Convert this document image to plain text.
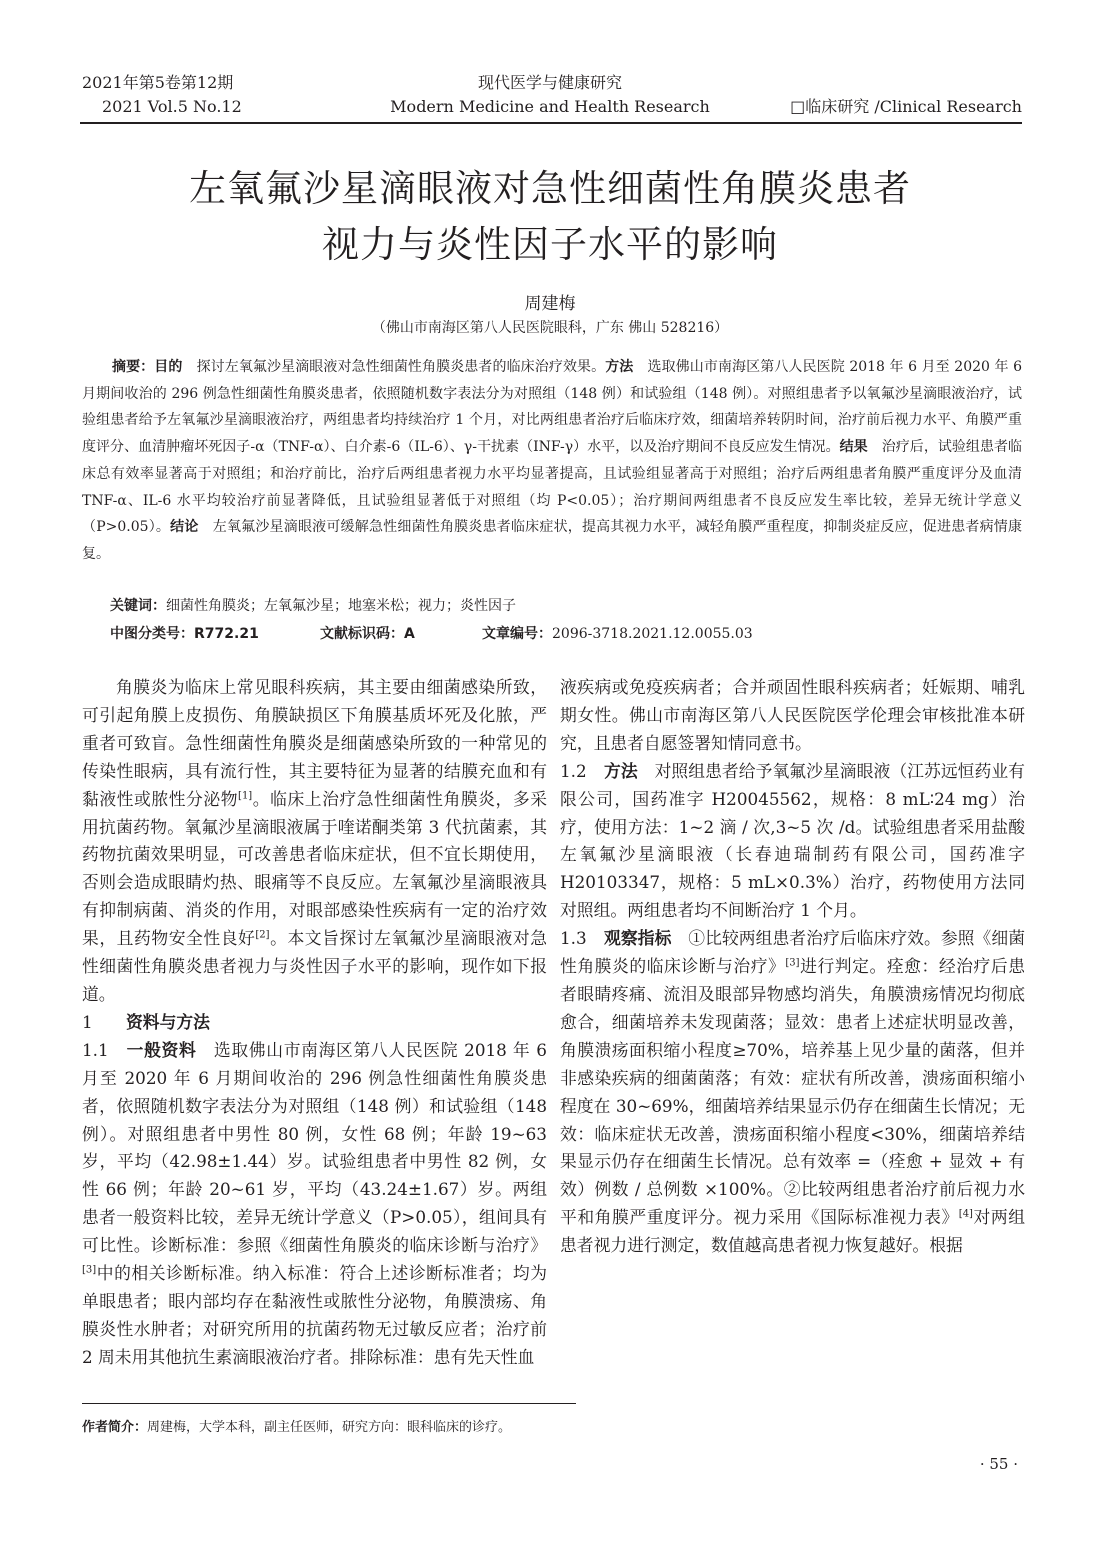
2021年第5卷第12期
2021 Vol.5 No.12
现代医学与健康研究
Modern Medicine and Health Research	□临床研究 /Clinical Research
左氧氟沙星滴眼液对急性细菌性角膜炎患者
视力与炎性因子水平的影响
周建梅
（佛山市南海区第八人民医院眼科，广东 佛山 528216）

摘要：目的　 探讨左氧氟沙星滴眼液对急性细菌性角膜炎患者的临床治疗效果。方法　 选取佛山市南海区第八人民医院 2018 年 6 月至 2020 年 6 月期间收治的 296 例急性细菌性角膜炎患者，依照随机数字表法分为对照组（148 例）和试验组（148 例）。对照组患者予以氧氟沙星滴眼液治疗，试验组患者给予左氧氟沙星滴眼液治疗，两组患者均持续治疗 1 个月，对比两组患者治疗后临床疗效，细菌培养转阴时间，治疗前后视力水平、角膜严重度评分、血清肿瘤坏死因子-α（TNF-α）、白介素-6（IL-6）、γ-干扰素（INF-γ）水平，以及治疗期间不良反应发生情况。结果　 治疗后，试验组患者临床总有效率显著高于对照组；和治疗前比，治疗后两组患者视力水平均显著提高，且试验组显著高于对照组；治疗后两组患者角膜严重度评分及血清 TNF-α、IL-6 水平均较治疗前显著降低，且试验组显著低于对照组（均 P<0.05）；治疗期间两组患者不良反应发生率比较，差异无统计学意义（P>0.05）。结论　 左氧氟沙星滴眼液可缓解急性细菌性角膜炎患者临床症状，提高其视力水平，减轻角膜严重程度，抑制炎症反应，促进患者病情康复。

关键词：细菌性角膜炎；左氧氟沙星；地塞米松；视力；炎性因子
中图分类号：R772.21	文献标识码：A	文章编号：2096-3718.2021.12.0055.03

角膜炎为临床上常见眼科疾病，其主要由细菌感染所致，可引起角膜上皮损伤、角膜缺损区下角膜基质坏死及化脓，严重者可致盲。急性细菌性角膜炎是细菌感染所致的一种常见的传染性眼病，具有流行性，其主要特征为显著的结膜充血和有黏液性或脓性分泌物[1]。临床上治疗急性细菌性角膜炎，多采用抗菌药物。氧氟沙星滴眼液属于喹诺酮类第 3 代抗菌素，其药物抗菌效果明显，可改善患者临床症状，但不宜长期使用，否则会造成眼睛灼热、眼痛等不良反应。左氧氟沙星滴眼液具有抑制病菌、消炎的作用，对眼部感染性疾病有一定的治疗效果，且药物安全性良好[2]。本文旨探讨左氧氟沙星滴眼液对急性细菌性角膜炎患者视力与炎性因子水平的影响，现作如下报道。

1 资料与方法

1.1 一般资料　 选取佛山市南海区第八人民医院 2018 年 6 月至 2020 年 6 月期间收治的 296 例急性细菌性角膜炎患者，依照随机数字表法分为对照组（148 例）和试验组（148 例）。对照组患者中男性 80 例，女性 68 例；年龄 19~63 岁，平均（42.98±1.44）岁。试验组患者中男性 82 例，女性 66 例；年龄 20~61 岁，平均（43.24±1.67）岁。两组患者一般资料比较，差异无统计学意义（P>0.05），组间具有可比性。诊断标准：参照《细菌性角膜炎的临床诊断与治疗》[3]中的相关诊断标准。纳入标准：符合上述诊断标准者；均为单眼患者；眼内部均存在黏液性或脓性分泌物，角膜溃疡、角膜炎性水肿者；对研究所用的抗菌药物无过敏反应者；治疗前 2 周未用其他抗生素滴眼液治疗者。排除标准：患有先天性血

液疾病或免疫疾病者；合并顽固性眼科疾病者；妊娠期、哺乳期女性。佛山市南海区第八人民医院医学伦理会审核批准本研究，且患者自愿签署知情同意书。

1.2 方法　 对照组患者给予氧氟沙星滴眼液（江苏远恒药业有限公司，国药准字 H20045562，规格：8 mL∶24 mg）治疗，使用方法：1~2 滴 / 次,3~5 次 /d。试验组患者采用盐酸左氧氟沙星滴眼液（长春迪瑞制药有限公司，国药准字 H20103347，规格：5 mL×0.3%）治疗，药物使用方法同对照组。两组患者均不间断治疗 1 个月。

1.3 观察指标　 ①比较两组患者治疗后临床疗效。参照《细菌性角膜炎的临床诊断与治疗》[3]进行判定。痊愈：经治疗后患者眼睛疼痛、流泪及眼部异物感均消失，角膜溃疡情况均彻底愈合，细菌培养未发现菌落；显效：患者上述症状明显改善，角膜溃疡面积缩小程度≥70%，培养基上见少量的菌落，但并非感染疾病的细菌菌落；有效：症状有所改善，溃疡面积缩小程度在 30~69%，细菌培养结果显示仍存在细菌生长情况；无效：临床症状无改善，溃疡面积缩小程度<30%，细菌培养结果显示仍存在细菌生长情况。总有效率 =（痊愈 + 显效 + 有效）例数 / 总例数 ×100%。②比较两组患者治疗前后视力水平和角膜严重度评分。视力采用《国际标准视力表》[4]对两组患者视力进行测定，数值越高患者视力恢复越好。根据

作者简介：周建梅，大学本科，副主任医师，研究方向：眼科临床的诊疗。
· 55 ·
